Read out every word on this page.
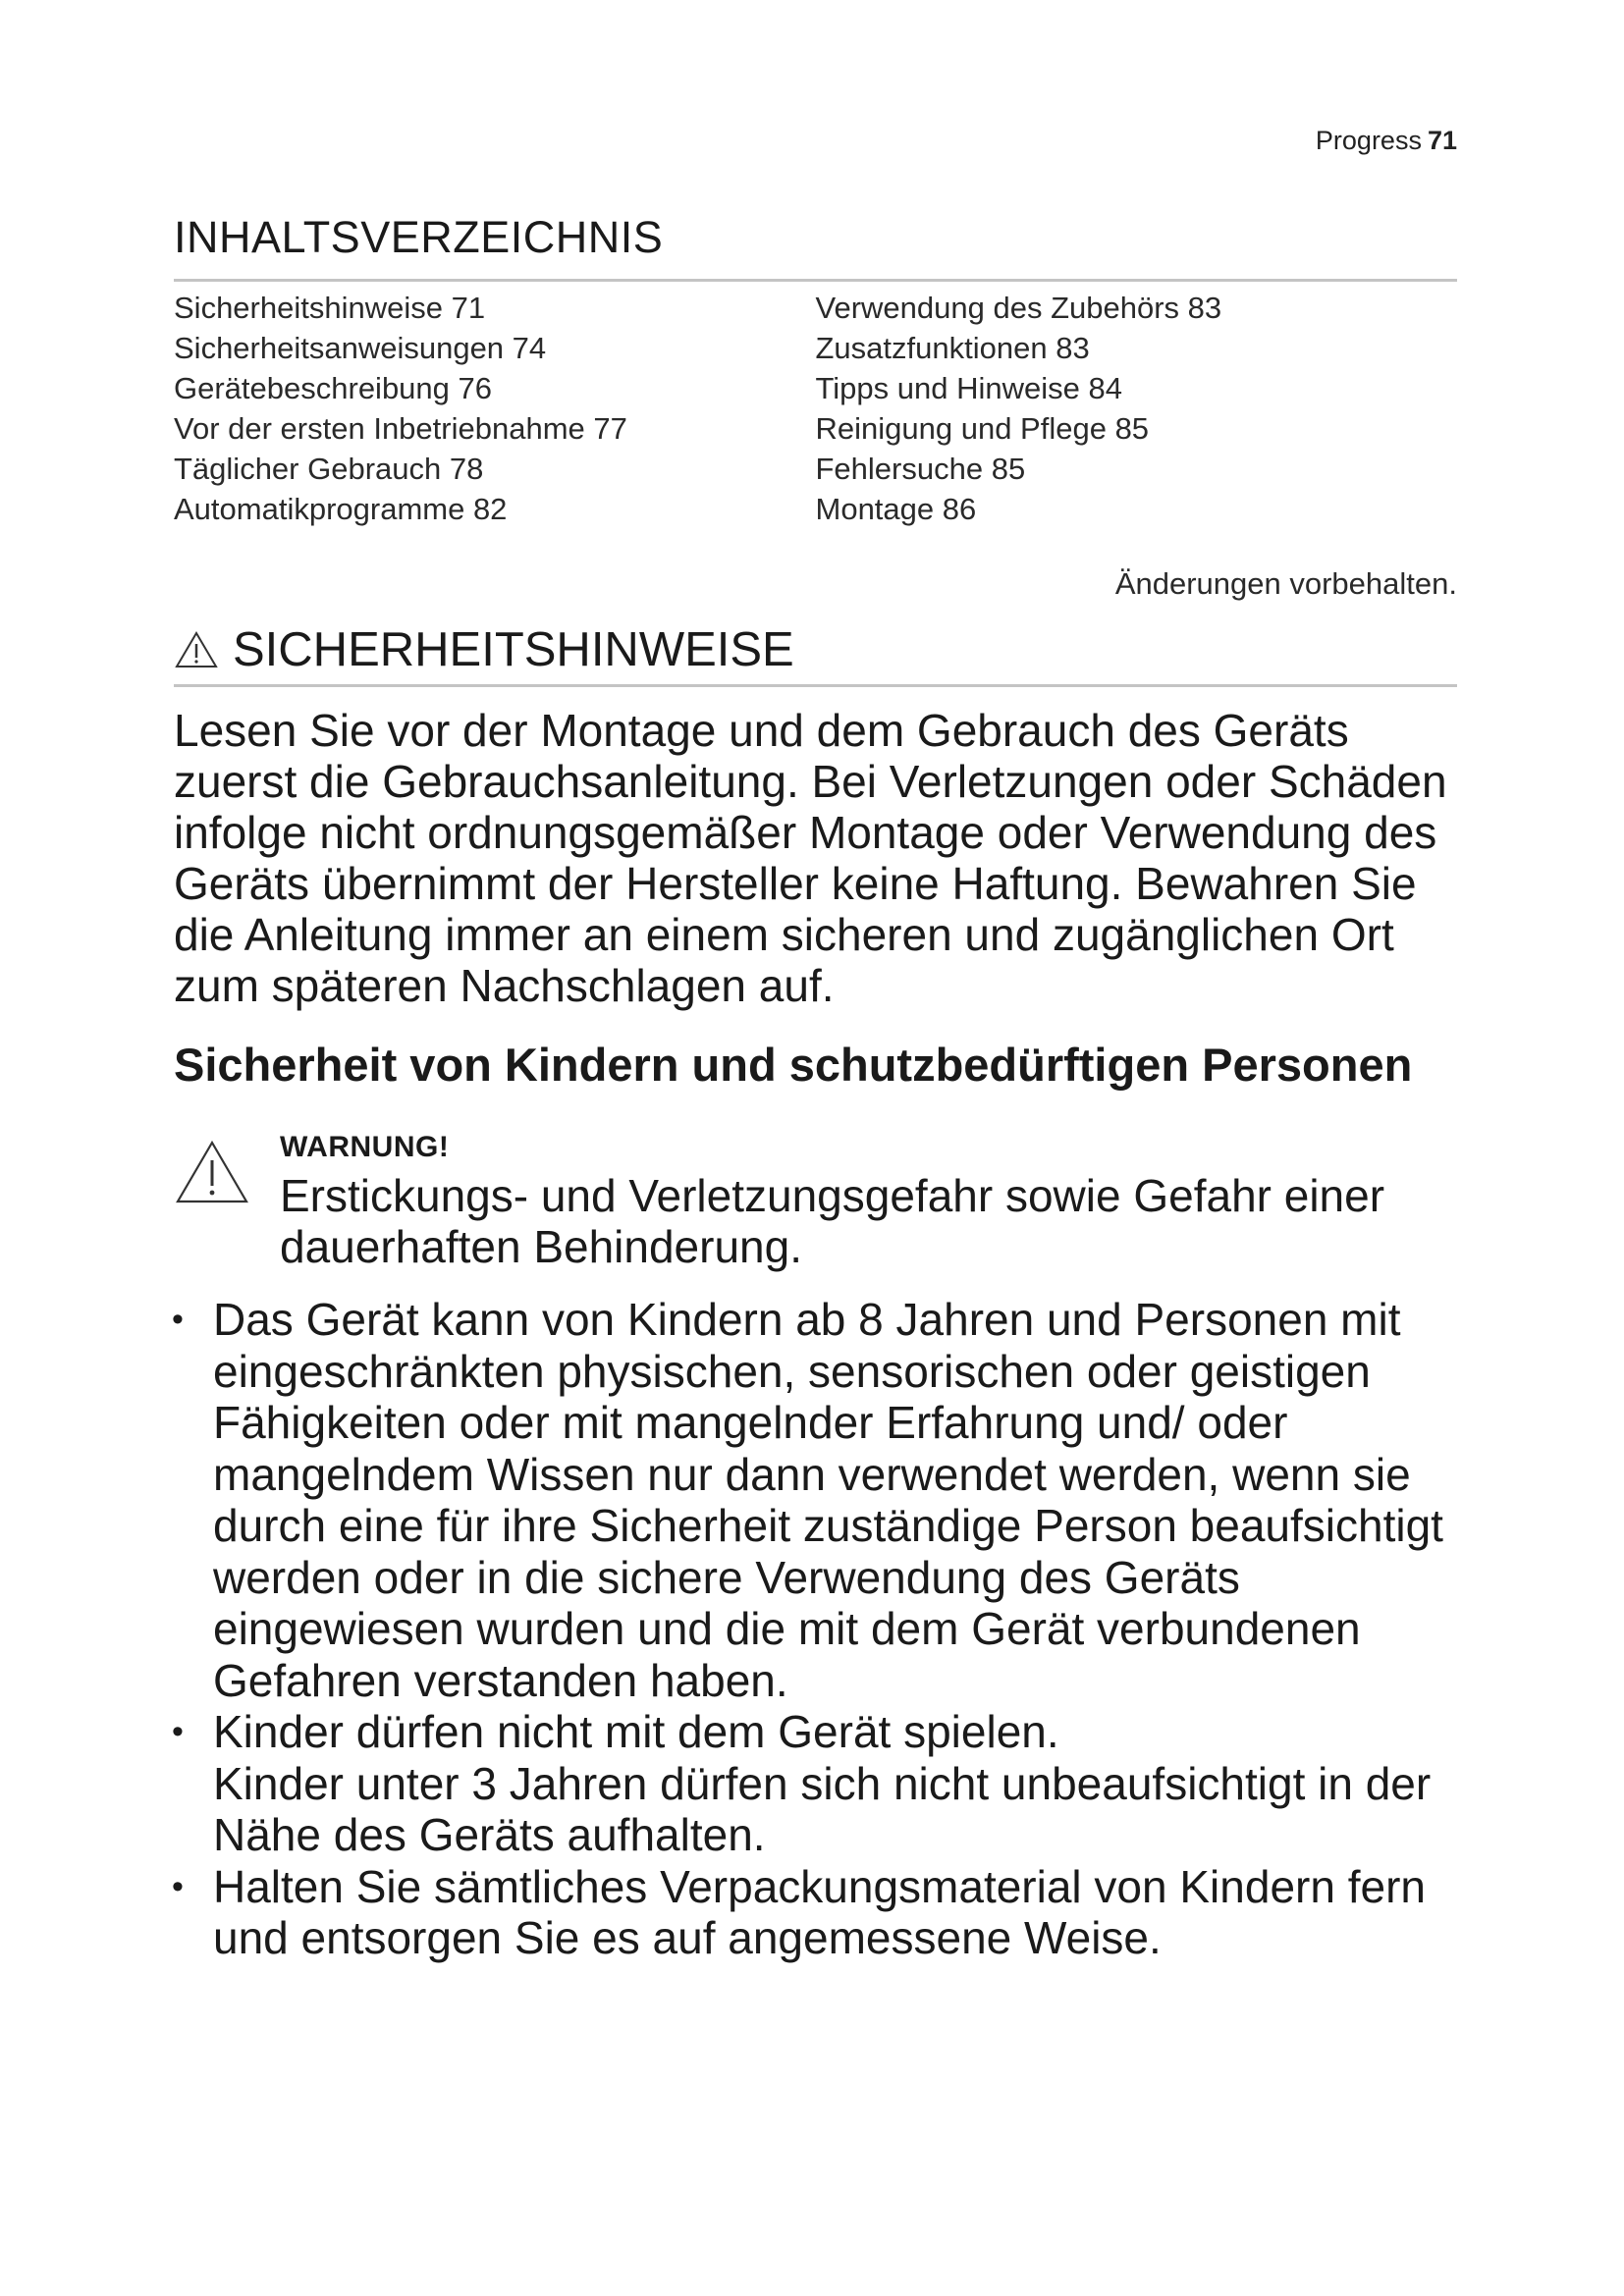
Progress 71
INHALTSVERZEICHNIS
Sicherheitshinweise 71
Sicherheitsanweisungen 74
Gerätebeschreibung 76
Vor der ersten Inbetriebnahme 77
Täglicher Gebrauch 78
Automatikprogramme 82
Verwendung des Zubehörs 83
Zusatzfunktionen 83
Tipps und Hinweise 84
Reinigung und Pflege 85
Fehlersuche 85
Montage 86
Änderungen vorbehalten.
SICHERHEITSHINWEISE
Lesen Sie vor der Montage und dem Gebrauch des Geräts zuerst die Gebrauchsanleitung. Bei Verletzungen oder Schäden infolge nicht ordnungsgemäßer Montage oder Verwendung des Geräts übernimmt der Hersteller keine Haftung. Bewahren Sie die Anleitung immer an einem sicheren und zugänglichen Ort zum späteren Nachschlagen auf.
Sicherheit von Kindern und schutzbedürftigen Personen
WARNUNG!
Erstickungs- und Verletzungsgefahr sowie Gefahr einer dauerhaften Behinderung.
• Das Gerät kann von Kindern ab 8 Jahren und Personen mit eingeschränkten physischen, sensorischen oder geistigen Fähigkeiten oder mit mangelnder Erfahrung und/ oder mangelndem Wissen nur dann verwendet werden, wenn sie durch eine für ihre Sicherheit zuständige Person beaufsichtigt werden oder in die sichere Verwendung des Geräts eingewiesen wurden und die mit dem Gerät verbundenen Gefahren verstanden haben.
• Kinder dürfen nicht mit dem Gerät spielen.
Kinder unter 3 Jahren dürfen sich nicht unbeaufsichtigt in der Nähe des Geräts aufhalten.
• Halten Sie sämtliches Verpackungsmaterial von Kindern fern und entsorgen Sie es auf angemessene Weise.
